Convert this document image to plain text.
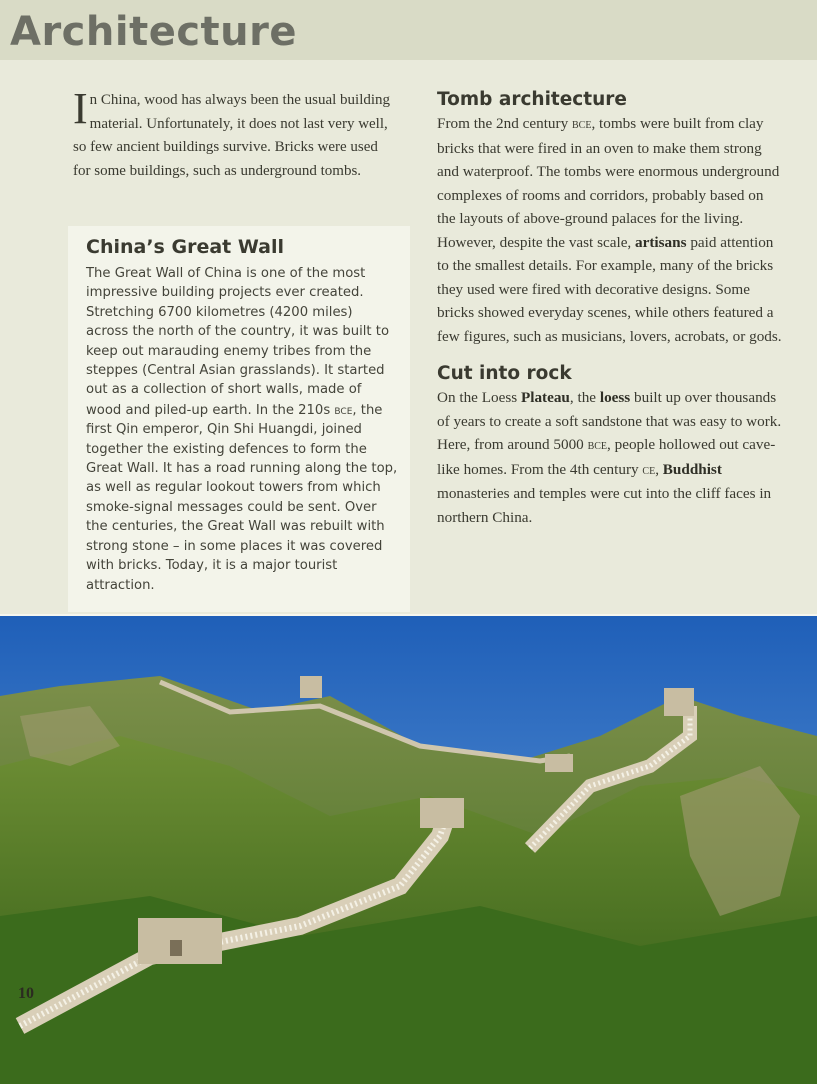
Architecture
In China, wood has always been the usual building material. Unfortunately, it does not last very well, so few ancient buildings survive. Bricks were used for some buildings, such as underground tombs.
China’s Great Wall
The Great Wall of China is one of the most impressive building projects ever created. Stretching 6700 kilometres (4200 miles) across the north of the country, it was built to keep out marauding enemy tribes from the steppes (Central Asian grasslands). It started out as a collection of short walls, made of wood and piled-up earth. In the 210s bce, the first Qin emperor, Qin Shi Huangdi, joined together the existing defences to form the Great Wall. It has a road running along the top, as well as regular lookout towers from which smoke-signal messages could be sent. Over the centuries, the Great Wall was rebuilt with strong stone – in some places it was covered with bricks. Today, it is a major tourist attraction.
Tomb architecture

From the 2nd century bce, tombs were built from clay bricks that were fired in an oven to make them strong and waterproof. The tombs were enormous underground complexes of rooms and corridors, probably based on the layouts of above-ground palaces for the living. However, despite the vast scale, artisans paid attention to the smallest details. For example, many of the bricks they used were fired with decorative designs. Some bricks showed everyday scenes, while others featured a few figures, such as musicians, lovers, acrobats, or gods.

Cut into rock

On the Loess Plateau, the loess built up over thousands of years to create a soft sandstone that was easy to work. Here, from around 5000 bce, people hollowed out cave-like homes. From the 4th century ce, Buddhist monasteries and temples were cut into the cliff faces in northern China.

10
